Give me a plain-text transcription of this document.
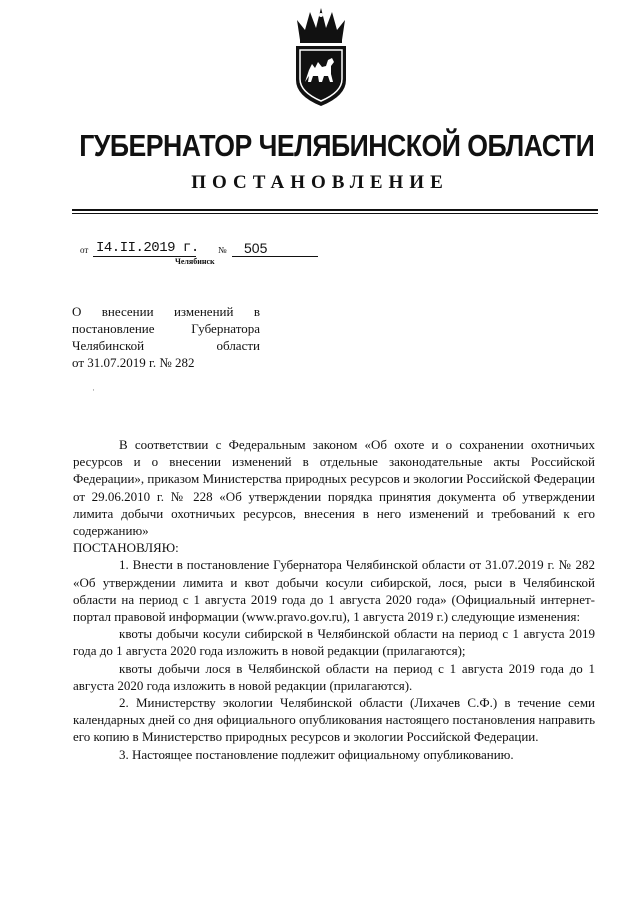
ГУБЕРНАТОР ЧЕЛЯБИНСКОЙ ОБЛАСТИ
ПОСТАНОВЛЕНИЕ
от I4.II.2019 г. №	505
Челябинск
О внесении изменений в
постановление Губернатора
Челябинской области
от 31.07.2019 г. № 282
·

В соответствии с Федеральным законом «Об охоте и о сохранении охотничьих ресурсов и о внесении изменений в отдельные законодательные акты Российской Федерации», приказом Министерства природных ресурсов и экологии Российской Федерации от 29.06.2010 г. № 228 «Об утверждении порядка принятия документа об утверждении лимита добычи охотничьих ресурсов, внесения в него изменений и требований к его содержанию»

ПОСТАНОВЛЯЮ:

1. Внести в постановление Губернатора Челябинской области от 31.07.2019 г. № 282 «Об утверждении лимита и квот добычи косули сибирской, лося, рыси в Челябинской области на период с 1 августа 2019 года до 1 августа 2020 года» (Официальный интернет-портал правовой информации (www.pravo.gov.ru), 1 августа 2019 г.) следующие изменения:

квоты добычи косули сибирской в Челябинской области на период с 1 августа 2019 года до 1 августа 2020 года изложить в новой редакции (прилагаются);

квоты добычи лося в Челябинской области на период с 1 августа 2019 года до 1 августа 2020 года изложить в новой редакции (прилагаются).

2. Министерству экологии Челябинской области (Лихачев С.Ф.) в течение семи календарных дней со дня официального опубликования настоящего постановления направить его копию в Министерство природных ресурсов и экологии Российской Федерации.

3. Настоящее постановление подлежит официальному опубликованию.
